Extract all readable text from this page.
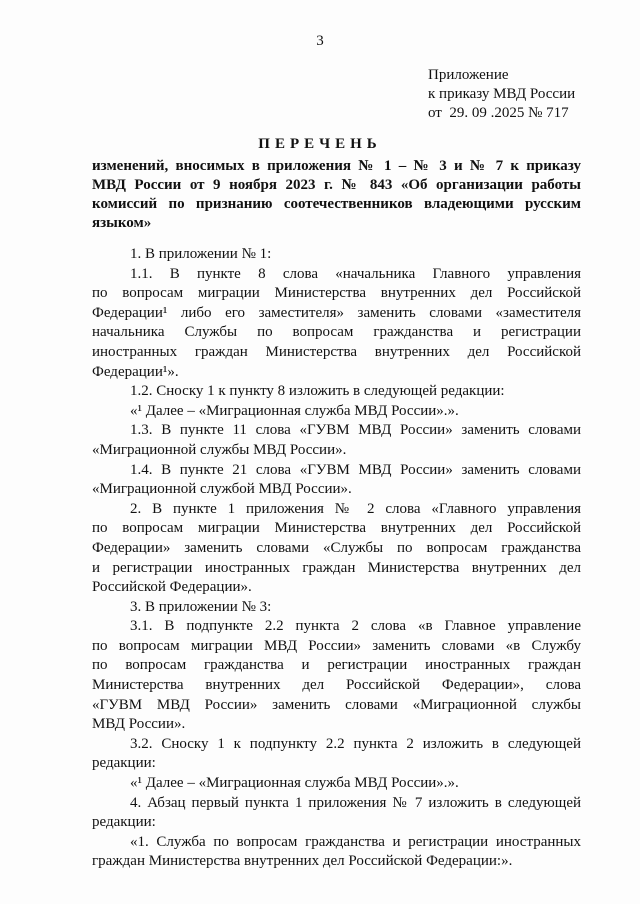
3
Приложение
к приказу МВД России
от  29. 09 .2025 № 717
ПЕРЕЧЕНЬ
изменений, вносимых в приложения № 1 – № 3 и № 7 к приказу
МВД России от 9 ноября 2023 г. № 843 «Об организации работы
комиссий по признанию соотечественников владеющими русским
языком»
1. В приложении № 1:
1.1. В пункте 8 слова «начальника Главного управления
по вопросам миграции Министерства внутренних дел Российской
Федерации¹ либо его заместителя» заменить словами «заместителя
начальника Службы по вопросам гражданства и регистрации
иностранных граждан Министерства внутренних дел Российской
Федерации¹».
1.2. Сноску 1 к пункту 8 изложить в следующей редакции:
«¹ Далее – «Миграционная служба МВД России».».
1.3. В пункте 11 слова «ГУВМ МВД России» заменить словами
«Миграционной службы МВД России».
1.4. В пункте 21 слова «ГУВМ МВД России» заменить словами
«Миграционной службой МВД России».
2. В пункте 1 приложения № 2 слова «Главного управления
по вопросам миграции Министерства внутренних дел Российской
Федерации» заменить словами «Службы по вопросам гражданства
и регистрации иностранных граждан Министерства внутренних дел
Российской Федерации».
3. В приложении № 3:
3.1. В подпункте 2.2 пункта 2 слова «в Главное управление
по вопросам миграции МВД России» заменить словами «в Службу
по вопросам гражданства и регистрации иностранных граждан
Министерства внутренних дел Российской Федерации», слова
«ГУВМ МВД России» заменить словами «Миграционной службы
МВД России».
3.2. Сноску 1 к подпункту 2.2 пункта 2 изложить в следующей
редакции:
«¹ Далее – «Миграционная служба МВД России».».
4. Абзац первый пункта 1 приложения № 7 изложить в следующей
редакции:
«1. Служба по вопросам гражданства и регистрации иностранных
граждан Министерства внутренних дел Российской Федерации:».
